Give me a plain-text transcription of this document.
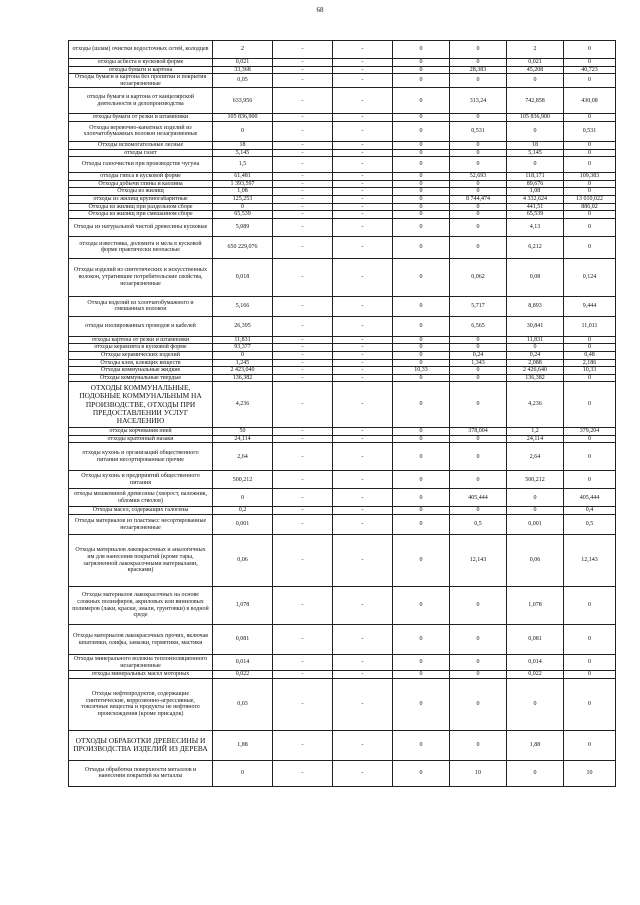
68
отходы (шлам) очистки водосточных сетей, колодцев	2	-	-	0	0	2	0
отходы асбеста в кусковой форме	0,021	-	-	0	0	0,021	0
отходы бумаги и картона	33,368	-	-	0	28,383	45,208	40,723
Отходы бумаги и картона без пропитки и покрытия незагрязненные	0,05	-	-	0	0	0	0
отходы бумаги и картона от канцелярской деятельности и делопроизводства	633,956	-	-	0	313,24	742,858	430,08
отходы бумаги от резки и штамповки	105 836,900	-	-	0	0	105 836,900	0
Отходы веревочно-канатных изделий из хлопчатобумажных волокон незагрязненные	0	-	-	0	0,531	0	0,531
Отходы вспомогательные лесные	18	-	-	0	0	18	0
отходы газет	5,145	-	-	0	0	5,145	0
Отходы газоочистки при производстве чугуна	1,5	-	-	0	0	0	0
отходы гипса в кусковой форме	61,481	-	-	0	52,693	118,171	109,383
Отходы добычи глины и каолина	1 393,597	-	-	0	0	89,676	0
Отходы из жилищ	1,08	-	-	0	0	1,08	0
отходы из жилищ крупногабаритные	125,253	-	-	0	8 744,474	4 332,624	13 010,022
Отходы из жилищ при раздельном сборе	0	-	-	0	0	441,51	886,02
Отходы из жилищ при смешанном сборе	65,539	-	-	0	0	65,539	0
Отходы из натуральной чистой древесины кусковые	5,089	-	-	0	0	4,13	0
отходы известняка, доломита и мела в кусковой форме практически неопасные	650 229,076	-	-	0	0	6,212	0
Отходы изделий из синтетических и искусственных волокон, утратившие потребительские свойства, незагрязненные	0,018	-	-	0	0,062	0,08	0,124
Отходы изделий из хлопчатобумажного и смешанных волокон	5,166	-	-	0	5,717	8,893	9,444
отходы изолированных проводов и кабелей	26,395	-	-	0	6,565	30,841	11,011
отходы картона от резки и штамповки	11,831	-	-	0	0	11,831	0
отходы керамзита в кусковой форме	93,377	-	-	0	0	0	0
Отходы керамических изделий	0	-	-	0	0,24	0,24	0,48
Отходы клея, клеящих веществ	1,245	-	-	0	1,343	2,088	2,186
Отходы коммунальные жидкие	2 423,040	-	-	10,33	0	2 426,640	10,33
Отходы коммунальные твердые	136,382	-	-	0	0	136,382	0
ОТХОДЫ КОММУНАЛЬНЫЕ, ПОДОБНЫЕ КОММУНАЛЬНЫМ НА ПРОИЗВОДСТВЕ, ОТХОДЫ ПРИ ПРЕДОСТАВЛЕНИИ УСЛУГ НАСЕЛЕНИЮ	4,236	-	-	0	0	4,236	0
отходы корчевания пней	50	-	-	0	378,004	1,2	379,204
отходы кратонный назаки	24,114	-	-	0	0	24,114	0
отходы кухонь и организаций общественного питания несортированные прочие	2,64	-	-	0	0	2,64	0
Отходы кухонь и предприятий общественного питания	500,212	-	-	0	0	500,212	0
отходы мешковиной древесины (хворост, валежник, обломки стволов)	0	-	-	0	405,444	0	405,444
Отходы масел, содержащих галогены	0,2	-	-	0	0	0	0,4
Отходы материалов из пластмасс несортированные незагрязненные	0,001	-	-	0	0,5	0,001	0,5
Отходы материалов лакокрасочных и аналогичных им для нанесения покрытий (кроме тары, загрязненной лакокрасочными материалами, красками)	0,06	-	-	0	12,143	0,06	12,143
Отходы материалов лакокрасочных на основе сложных полиэфиров, акриловых или виниловых полимеров (лаки, краски, эмали, грунтовки) в водной среде	1,078	-	-	0	0	1,078	0
Отходы материалов лакокрасочных прочих, включая шпатлевки, олифы, замазки, герметики, мастики	0,081	-	-	0	0	0,081	0
Отходы минерального волокна теплоизоляционного незагрязненные	0,014	-	-	0	0	0,014	0
отходы минеральных масел моторных	0,022	-	-	0	0	0,022	0
Отходы нефтепродуктов, содержащие синтетические, коррозионно-агрессивные, токсичные вещества и продукты не нефтяного происхождения (кроме присадок)	0,03	-	-	0	0	0	0
ОТХОДЫ ОБРАБОТКИ ДРЕВЕСИНЫ И ПРОИЗВОДСТВА ИЗДЕЛИЙ ИЗ ДЕРЕВА	1,88	-	-	0	0	1,88	0
Отходы обработки поверхности металлов и нанесения покрытий на металлы	0	-	-	0	10	0	10
